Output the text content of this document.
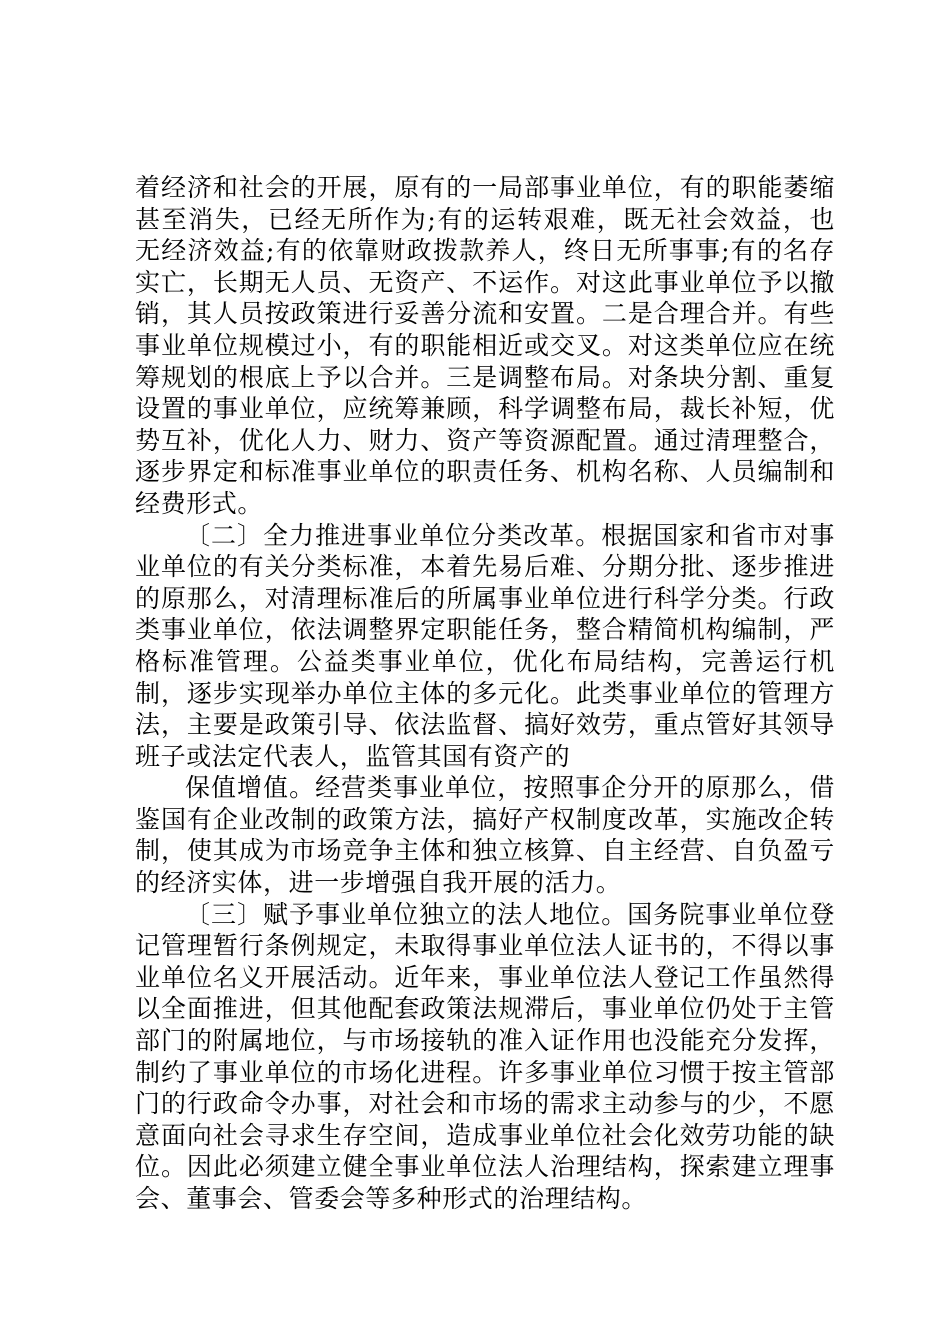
着经济和社会的开展，原有的一局部事业单位，有的职能萎缩甚至消失，已经无所作为;有的运转艰难，既无社会效益，也无经济效益;有的依靠财政拨款养人，终日无所事事;有的名存实亡，长期无人员、无资产、不运作。对这此事业单位予以撤销，其人员按政策进行妥善分流和安置。二是合理合并。有些事业单位规模过小，有的职能相近或交叉。对这类单位应在统筹规划的根底上予以合并。三是调整布局。对条块分割、重复设置的事业单位，应统筹兼顾，科学调整布局，裁长补短，优势互补，优化人力、财力、资产等资源配置。通过清理整合，逐步界定和标准事业单位的职责任务、机构名称、人员编制和经费形式。

〔二〕全力推进事业单位分类改革。根据国家和省市对事业单位的有关分类标准，本着先易后难、分期分批、逐步推进的原那么，对清理标准后的所属事业单位进行科学分类。行政类事业单位，依法调整界定职能任务，整合精简机构编制，严格标准管理。公益类事业单位，优化布局结构，完善运行机制，逐步实现举办单位主体的多元化。此类事业单位的管理方法，主要是政策引导、依法监督、搞好效劳，重点管好其领导班子或法定代表人，监管其国有资产的

保值增值。经营类事业单位，按照事企分开的原那么，借鉴国有企业改制的政策方法，搞好产权制度改革，实施改企转制，使其成为市场竞争主体和独立核算、自主经营、自负盈亏的经济实体，进一步增强自我开展的活力。

〔三〕赋予事业单位独立的法人地位。国务院事业单位登记管理暂行条例规定，未取得事业单位法人证书的，不得以事业单位名义开展活动。近年来，事业单位法人登记工作虽然得以全面推进，但其他配套政策法规滞后，事业单位仍处于主管部门的附属地位，与市场接轨的准入证作用也没能充分发挥，制约了事业单位的市场化进程。许多事业单位习惯于按主管部门的行政命令办事，对社会和市场的需求主动参与的少，不愿意面向社会寻求生存空间，造成事业单位社会化效劳功能的缺位。因此必须建立健全事业单位法人治理结构，探索建立理事会、董事会、管委会等多种形式的治理结构。
